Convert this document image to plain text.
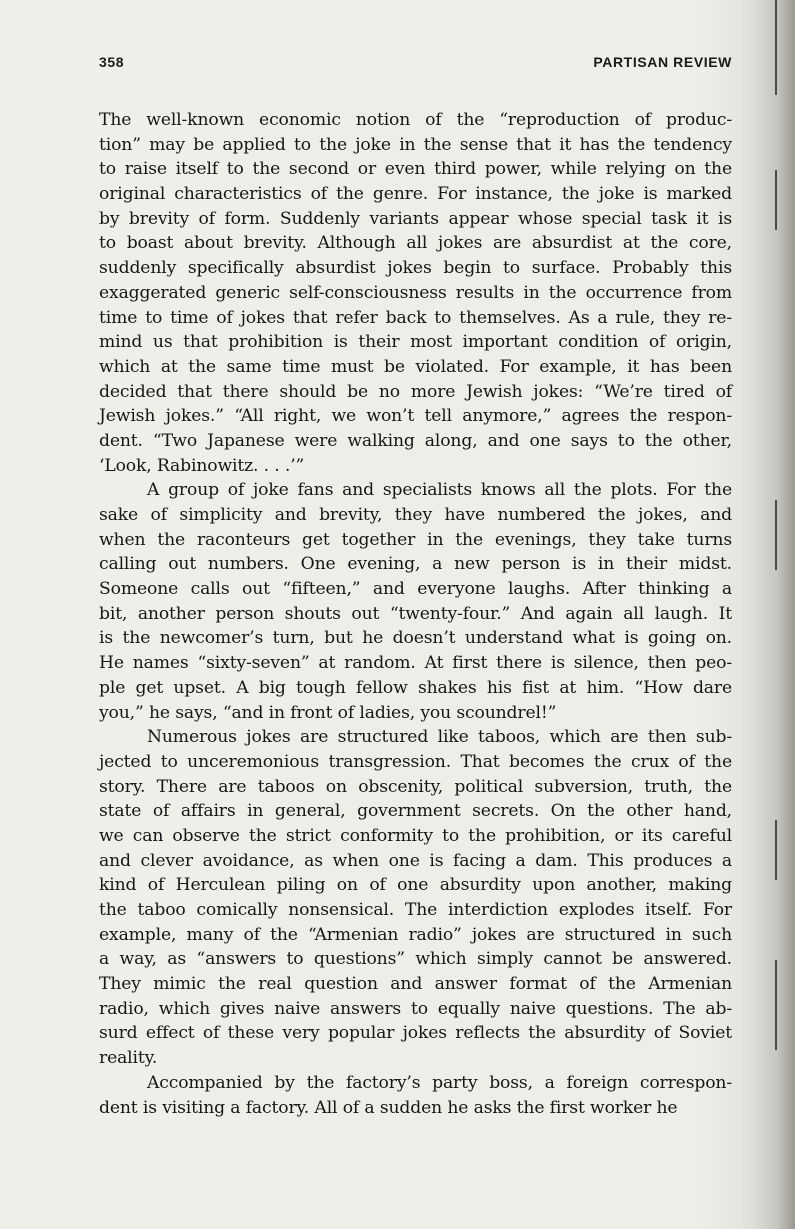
358	PARTISAN REVIEW
The well-known economic notion of the “reproduction of produc-
tion” may be applied to the joke in the sense that it has the tendency
to raise itself to the second or even third power, while relying on the
original characteristics of the genre. For instance, the joke is marked
by brevity of form. Suddenly variants appear whose special task it is
to boast about brevity. Although all jokes are absurdist at the core,
suddenly specifically absurdist jokes begin to surface. Probably this
exaggerated generic self-consciousness results in the occurrence from
time to time of jokes that refer back to themselves. As a rule, they re-
mind us that prohibition is their most important condition of origin,
which at the same time must be violated. For example, it has been
decided that there should be no more Jewish jokes: “We’re tired of
Jewish jokes.” “All right, we won’t tell anymore,” agrees the respon-
dent. “Two Japanese were walking along, and one says to the other,
‘Look, Rabinowitz. . . .’”
A group of joke fans and specialists knows all the plots. For the
sake of simplicity and brevity, they have numbered the jokes, and
when the raconteurs get together in the evenings, they take turns
calling out numbers. One evening, a new person is in their midst.
Someone calls out “fifteen,” and everyone laughs. After thinking a
bit, another person shouts out “twenty-four.” And again all laugh. It
is the newcomer’s turn, but he doesn’t understand what is going on.
He names “sixty-seven” at random. At first there is silence, then peo-
ple get upset. A big tough fellow shakes his fist at him. “How dare
you,” he says, “and in front of ladies, you scoundrel!”
Numerous jokes are structured like taboos, which are then sub-
jected to unceremonious transgression. That becomes the crux of the
story. There are taboos on obscenity, political subversion, truth, the
state of affairs in general, government secrets. On the other hand,
we can observe the strict conformity to the prohibition, or its careful
and clever avoidance, as when one is facing a dam. This produces a
kind of Herculean piling on of one absurdity upon another, making
the taboo comically nonsensical. The interdiction explodes itself. For
example, many of the “Armenian radio” jokes are structured in such
a way, as “answers to questions” which simply cannot be answered.
They mimic the real question and answer format of the Armenian
radio, which gives naive answers to equally naive questions. The ab-
surd effect of these very popular jokes reflects the absurdity of Soviet
reality.
Accompanied by the factory’s party boss, a foreign correspon-
dent is visiting a factory. All of a sudden he asks the first worker he
